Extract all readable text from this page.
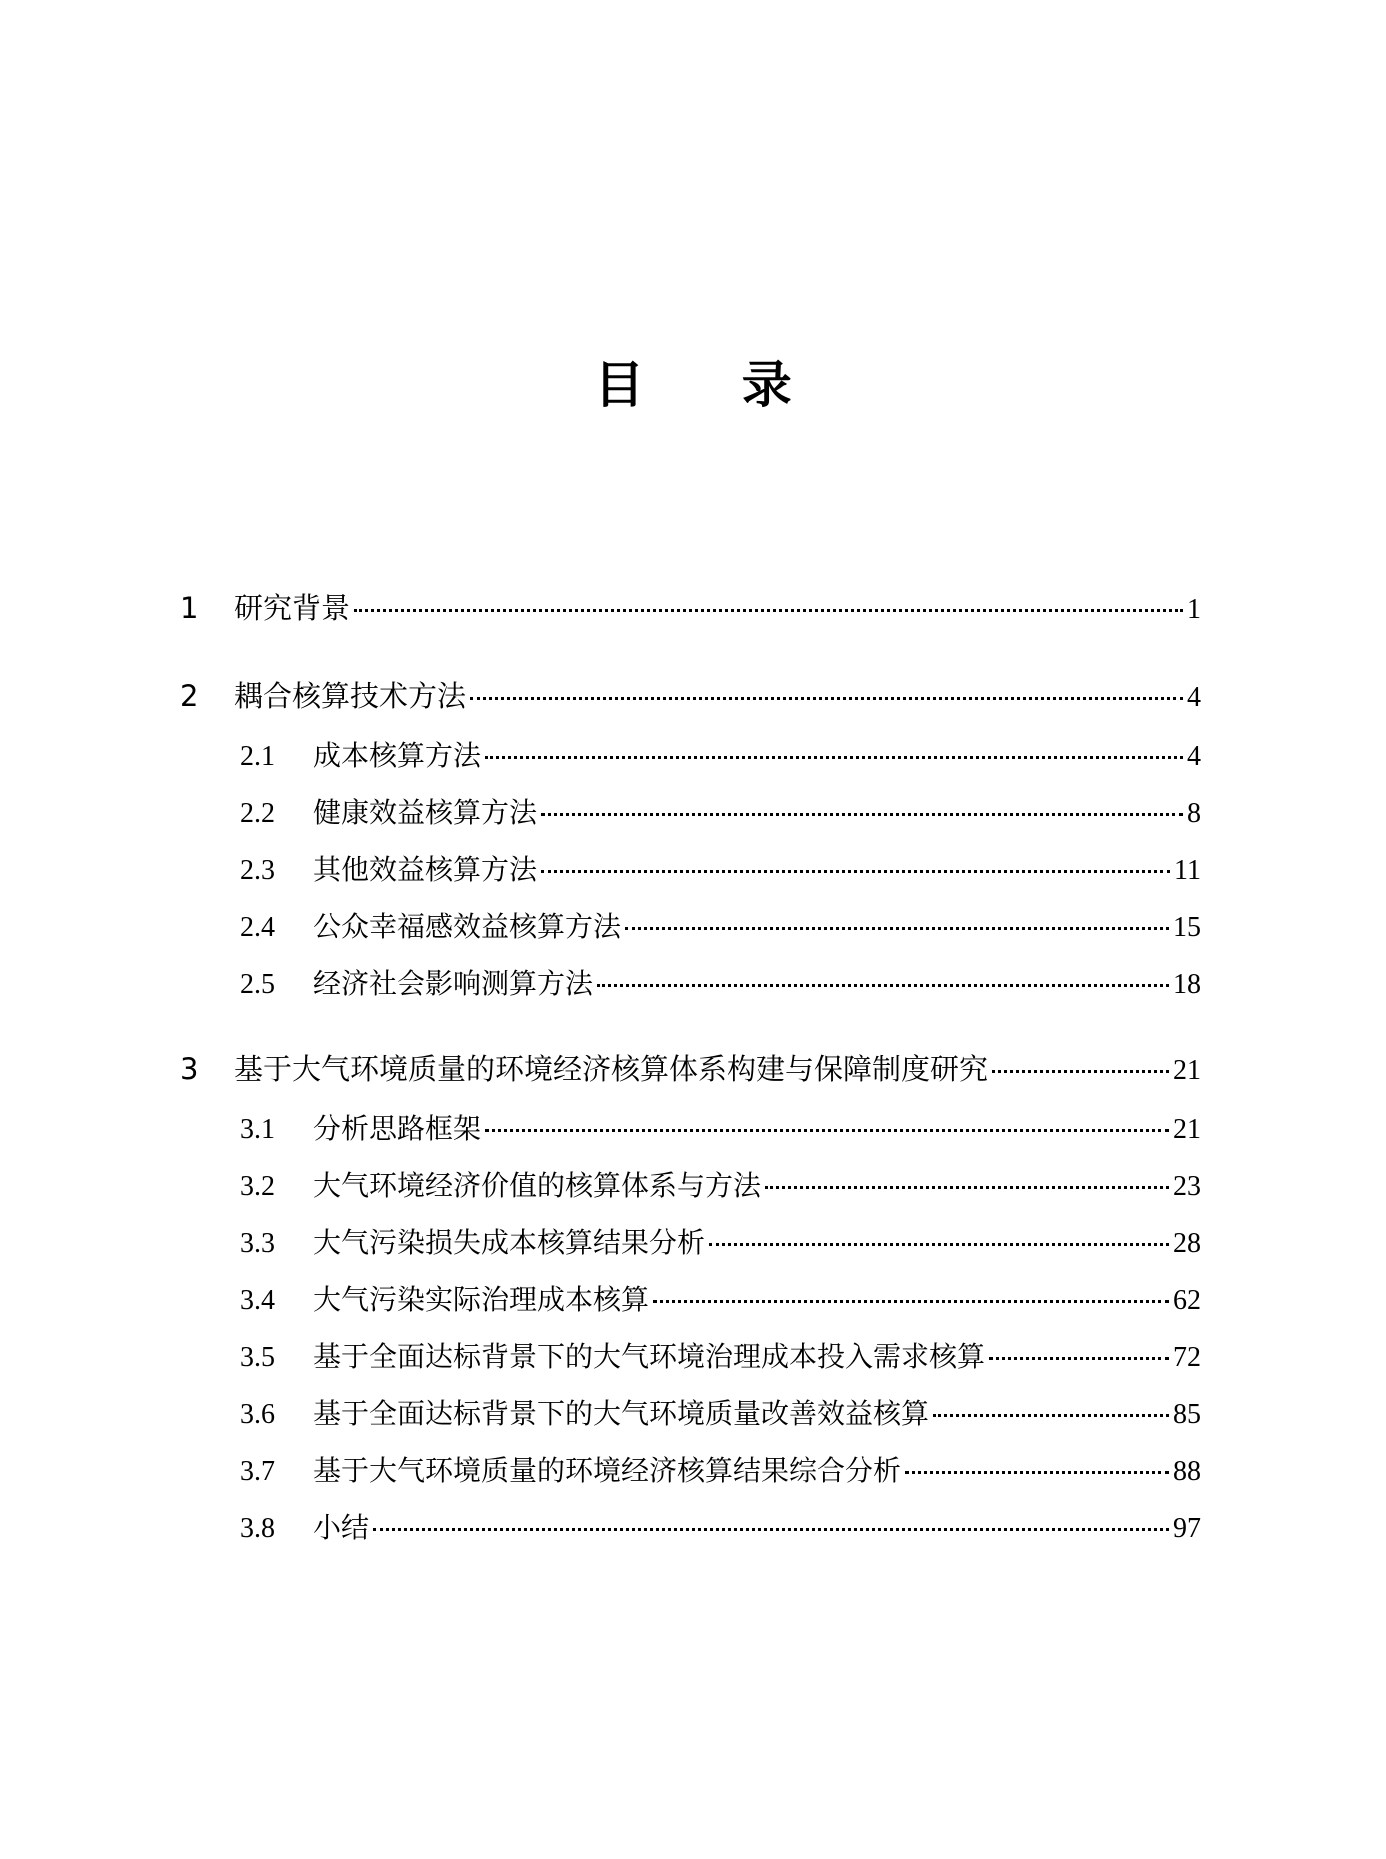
目 录
1	研究背景	1
2	耦合核算技术方法	4
2.1	成本核算方法	4
2.2	健康效益核算方法	8
2.3	其他效益核算方法	11
2.4	公众幸福感效益核算方法	15
2.5	经济社会影响测算方法	18
3	基于大气环境质量的环境经济核算体系构建与保障制度研究	21
3.1	分析思路框架	21
3.2	大气环境经济价值的核算体系与方法	23
3.3	大气污染损失成本核算结果分析	28
3.4	大气污染实际治理成本核算	62
3.5	基于全面达标背景下的大气环境治理成本投入需求核算	72
3.6	基于全面达标背景下的大气环境质量改善效益核算	85
3.7	基于大气环境质量的环境经济核算结果综合分析	88
3.8	小结	97
